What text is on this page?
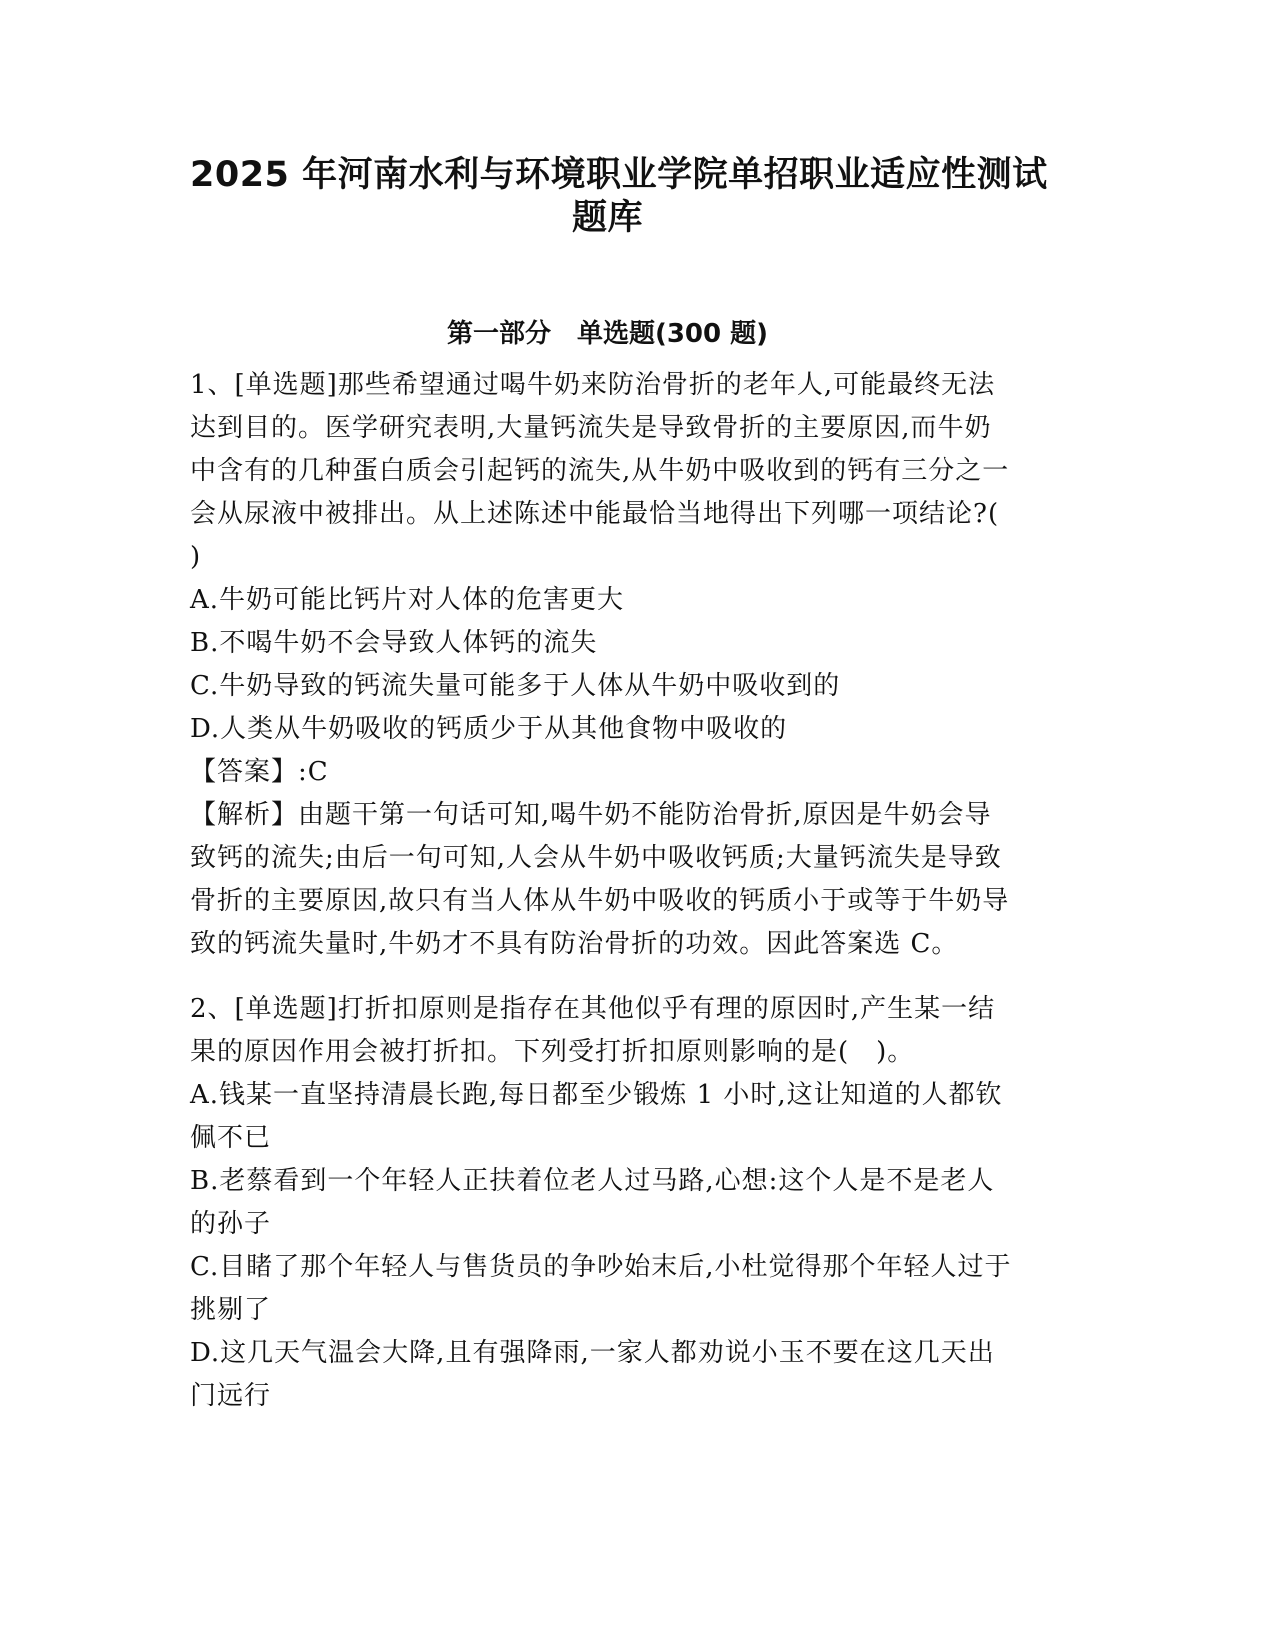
2025 年河南水利与环境职业学院单招职业适应性测试
题库
第一部分　单选题(300 题)
1、[单选题]那些希望通过喝牛奶来防治骨折的老年人,可能最终无法
达到目的。医学研究表明,大量钙流失是导致骨折的主要原因,而牛奶
中含有的几种蛋白质会引起钙的流失,从牛奶中吸收到的钙有三分之一
会从尿液中被排出。从上述陈述中能最恰当地得出下列哪一项结论?(
)
A.牛奶可能比钙片对人体的危害更大
B.不喝牛奶不会导致人体钙的流失
C.牛奶导致的钙流失量可能多于人体从牛奶中吸收到的
D.人类从牛奶吸收的钙质少于从其他食物中吸收的
【答案】:C
【解析】由题干第一句话可知,喝牛奶不能防治骨折,原因是牛奶会导
致钙的流失;由后一句可知,人会从牛奶中吸收钙质;大量钙流失是导致
骨折的主要原因,故只有当人体从牛奶中吸收的钙质小于或等于牛奶导
致的钙流失量时,牛奶才不具有防治骨折的功效。因此答案选 C。
2、[单选题]打折扣原则是指存在其他似乎有理的原因时,产生某一结
果的原因作用会被打折扣。下列受打折扣原则影响的是(　)。
A.钱某一直坚持清晨长跑,每日都至少锻炼 1 小时,这让知道的人都钦
佩不已
B.老蔡看到一个年轻人正扶着位老人过马路,心想:这个人是不是老人
的孙子
C.目睹了那个年轻人与售货员的争吵始末后,小杜觉得那个年轻人过于
挑剔了
D.这几天气温会大降,且有强降雨,一家人都劝说小玉不要在这几天出
门远行
